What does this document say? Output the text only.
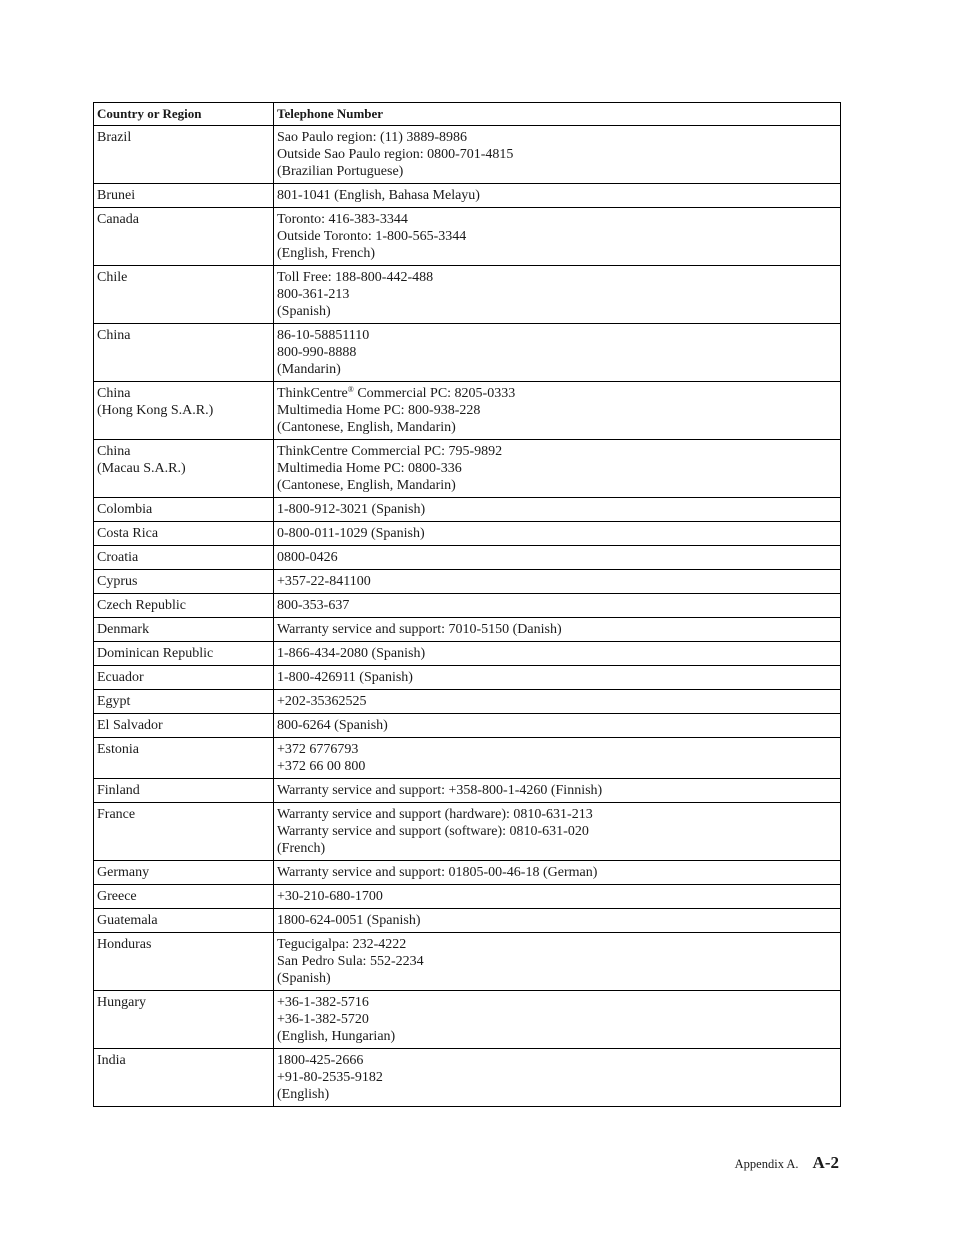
Country or Region	Telephone Number

Brazil	Sao Paulo region: (11) 3889-8986
Outside Sao Paulo region: 0800-701-4815
(Brazilian Portuguese)

Brunei	801-1041 (English, Bahasa Melayu)

Canada	Toronto: 416-383-3344
Outside Toronto: 1-800-565-3344
(English, French)

Chile	Toll Free: 188-800-442-488
800-361-213
(Spanish)

China	86-10-58851110
800-990-8888
(Mandarin)

China
(Hong Kong S.A.R.)	ThinkCentre® Commercial PC: 8205-0333
Multimedia Home PC: 800-938-228
(Cantonese, English, Mandarin)

China
(Macau S.A.R.)	ThinkCentre Commercial PC: 795-9892
Multimedia Home PC: 0800-336
(Cantonese, English, Mandarin)

Colombia	1-800-912-3021 (Spanish)

Costa Rica	0-800-011-1029 (Spanish)

Croatia	0800-0426

Cyprus	+357-22-841100

Czech Republic	800-353-637

Denmark	Warranty service and support: 7010-5150 (Danish)

Dominican Republic	1-866-434-2080 (Spanish)

Ecuador	1-800-426911 (Spanish)

Egypt	+202-35362525

El Salvador	800-6264 (Spanish)

Estonia	+372 6776793
+372 66 00 800

Finland	Warranty service and support: +358-800-1-4260 (Finnish)

France	Warranty service and support (hardware): 0810-631-213
Warranty service and support (software): 0810-631-020
(French)

Germany	Warranty service and support: 01805-00-46-18 (German)

Greece	+30-210-680-1700

Guatemala	1800-624-0051 (Spanish)

Honduras	Tegucigalpa: 232-4222
San Pedro Sula: 552-2234
(Spanish)

Hungary	+36-1-382-5716
+36-1-382-5720
(English, Hungarian)

India	1800-425-2666
+91-80-2535-9182
(English)
Appendix A. A-2
